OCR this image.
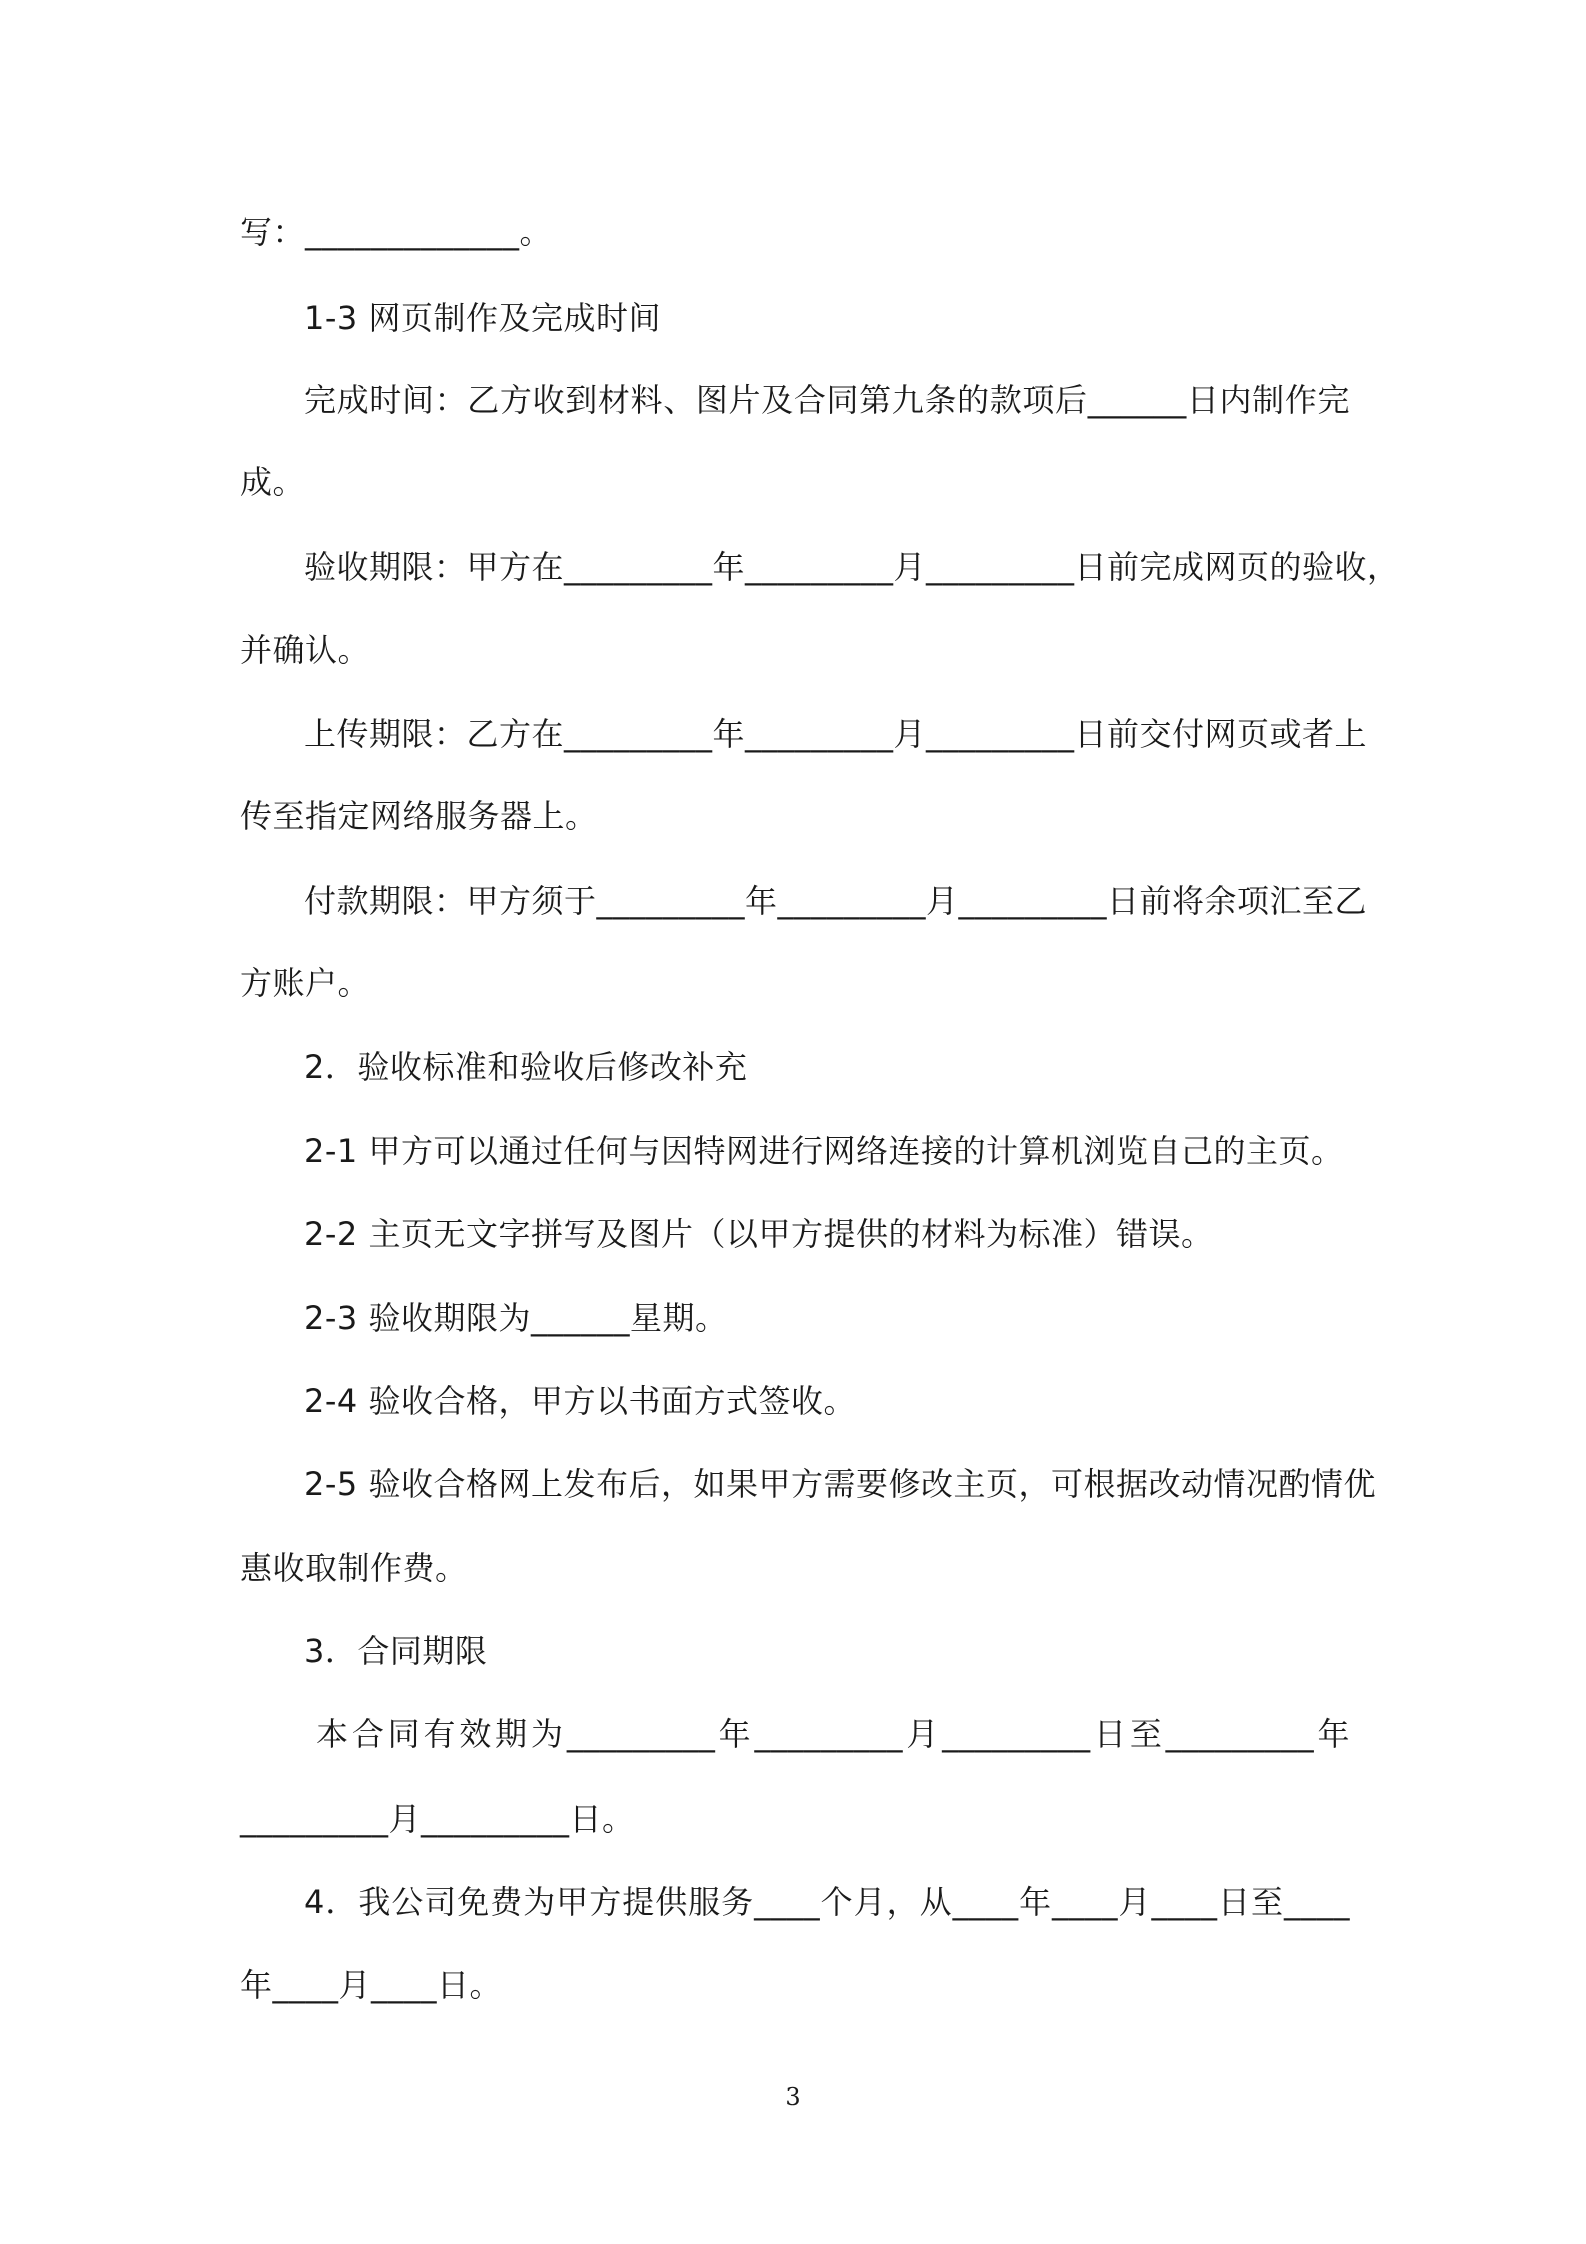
写：_____________。
1-3 网页制作及完成时间
完成时间：乙方收到材料、图片及合同第九条的款项后______日内制作完
成。
验收期限：甲方在_________年_________月_________日前完成网页的验收，
并确认。
上传期限：乙方在_________年_________月_________日前交付网页或者上
传至指定网络服务器上。
付款期限：甲方须于_________年_________月_________日前将余项汇至乙
方账户。
2．验收标准和验收后修改补充
2-1 甲方可以通过任何与因特网进行网络连接的计算机浏览自己的主页。
2-2 主页无文字拼写及图片（以甲方提供的材料为标准）错误。
2-3 验收期限为______星期。
2-4 验收合格，甲方以书面方式签收。
2-5 验收合格网上发布后，如果甲方需要修改主页，可根据改动情况酌情优
惠收取制作费。
3．合同期限
本合同有效期为_________年_________月_________日至_________年
_________月_________日。
4．我公司免费为甲方提供服务____个月，从____年____月____日至____
年____月____日。
3
